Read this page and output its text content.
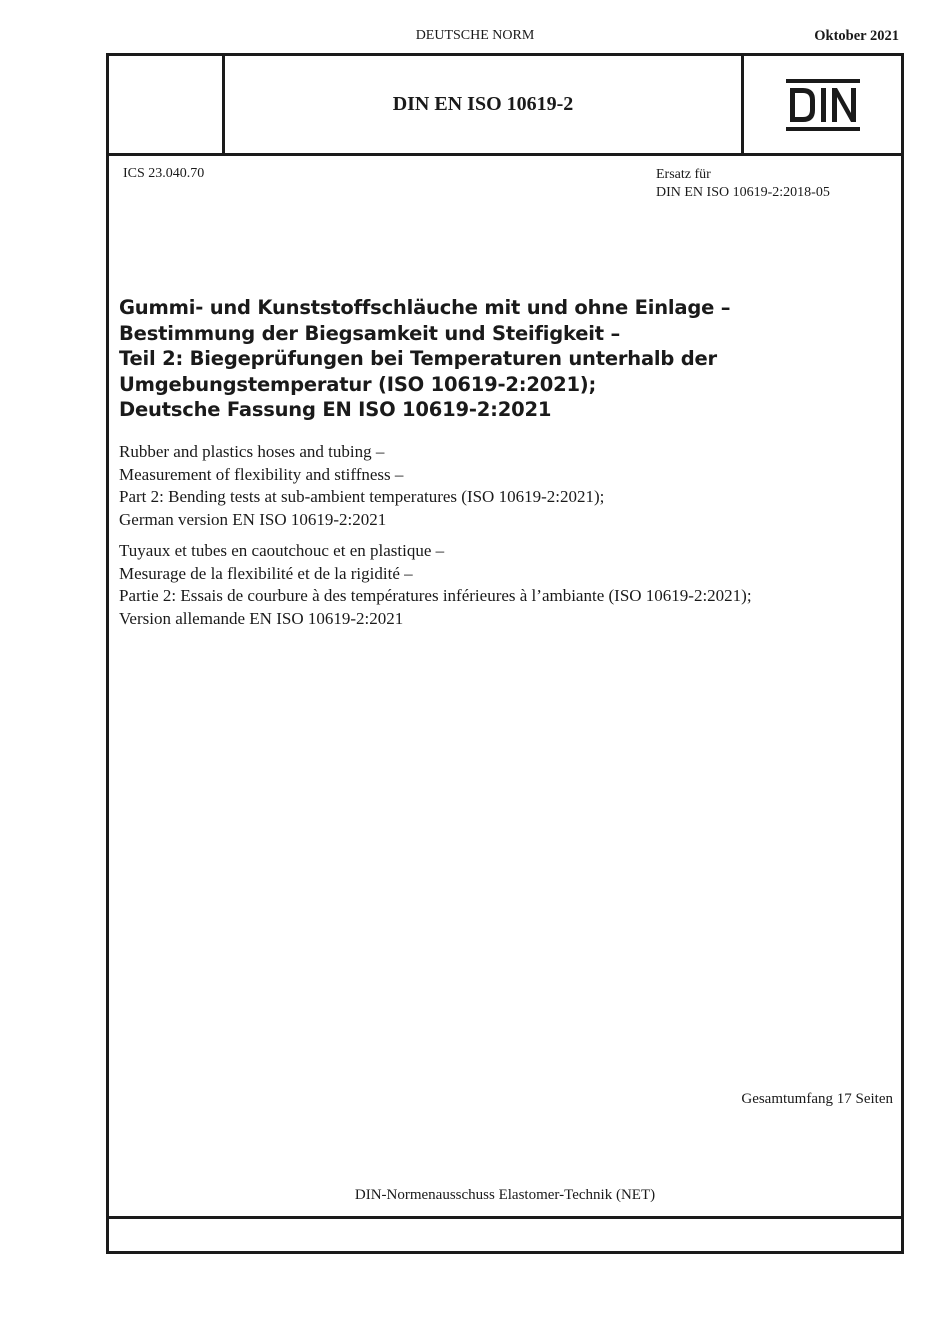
DEUTSCHE NORM	Oktober 2021
DIN EN ISO 10619-2
ICS 23.040.70	Ersatz für
DIN EN ISO 10619-2:2018-05
Gummi- und Kunststoffschläuche mit und ohne Einlage –
Bestimmung der Biegsamkeit und Steifigkeit –
Teil 2: Biegeprüfungen bei Temperaturen unterhalb der
Umgebungstemperatur (ISO 10619-2:2021);
Deutsche Fassung EN ISO 10619-2:2021
Rubber and plastics hoses and tubing –
Measurement of flexibility and stiffness –
Part 2: Bending tests at sub-ambient temperatures (ISO 10619-2:2021);
German version EN ISO 10619-2:2021
Tuyaux et tubes en caoutchouc et en plastique –
Mesurage de la flexibilité et de la rigidité –
Partie 2: Essais de courbure à des températures inférieures à l’ambiante (ISO 10619-2:2021);
Version allemande EN ISO 10619-2:2021
Gesamtumfang 17 Seiten
DIN-Normenausschuss Elastomer-Technik (NET)
